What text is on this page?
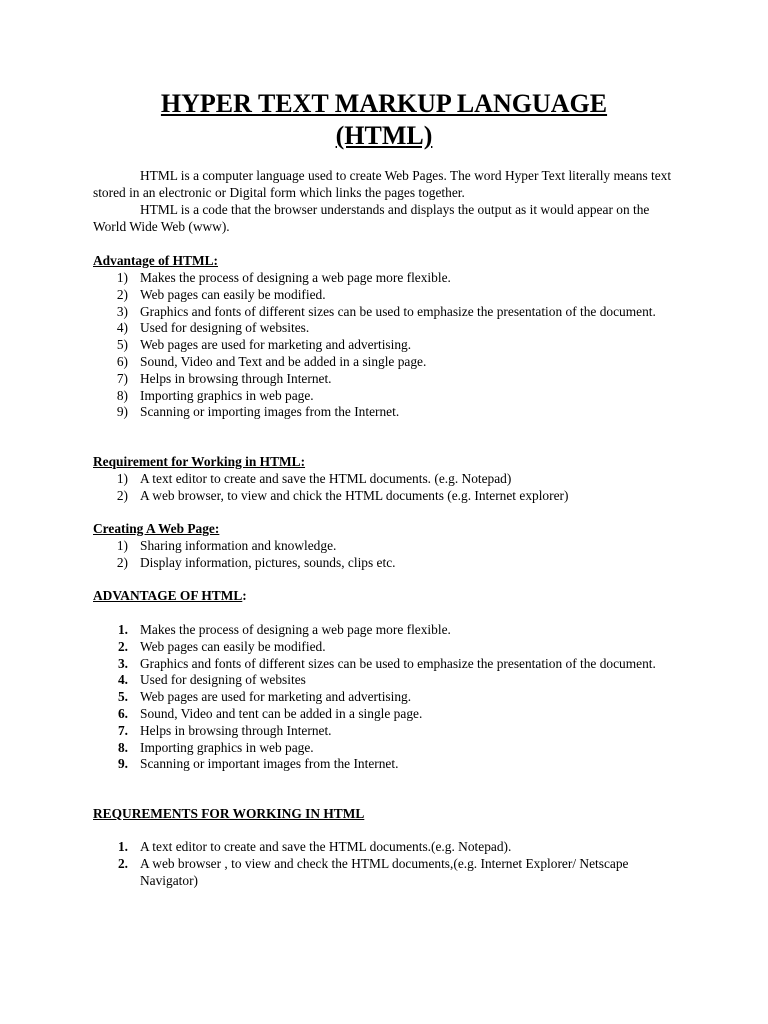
HYPER TEXT MARKUP LANGUAGE
(HTML)

HTML is a computer language used to create Web Pages. The word Hyper Text literally means text stored in an electronic or Digital form which links the pages together.

HTML is a code that the browser understands and displays the output as it would appear on the World Wide Web (www).

Advantage of HTML:

1) Makes the process of designing a web page more flexible.
2) Web pages can easily be modified.
3) Graphics and fonts of different sizes can be used to emphasize the presentation of the document.
4) Used for designing of websites.
5) Web pages are used for marketing and advertising.
6) Sound, Video and Text and be added in a single page.
7) Helps in browsing through Internet.
8) Importing graphics in web page.
9) Scanning or importing images from the Internet.

Requirement for Working in HTML:

1) A text editor to create and save the HTML documents. (e.g. Notepad)
2) A web browser, to view and chick the HTML documents (e.g. Internet explorer)

Creating A Web Page:

1) Sharing information and knowledge.
2) Display information, pictures, sounds, clips etc.

ADVANTAGE OF HTML:

1. Makes the process of designing a web page more flexible.
2. Web pages can easily be modified.
3. Graphics and fonts of different sizes can be used to emphasize the presentation of the document.
4. Used for designing of websites
5. Web pages are used for marketing and advertising.
6. Sound, Video and tent can be added in a single page.
7. Helps in browsing through Internet.
8. Importing graphics in web page.
9. Scanning or important images from the Internet.

REQUREMENTS FOR WORKING IN HTML

1. A text editor to create and save the HTML documents.(e.g. Notepad).
2. A web browser , to view and check the HTML documents,(e.g. Internet Explorer/ Netscape Navigator)
